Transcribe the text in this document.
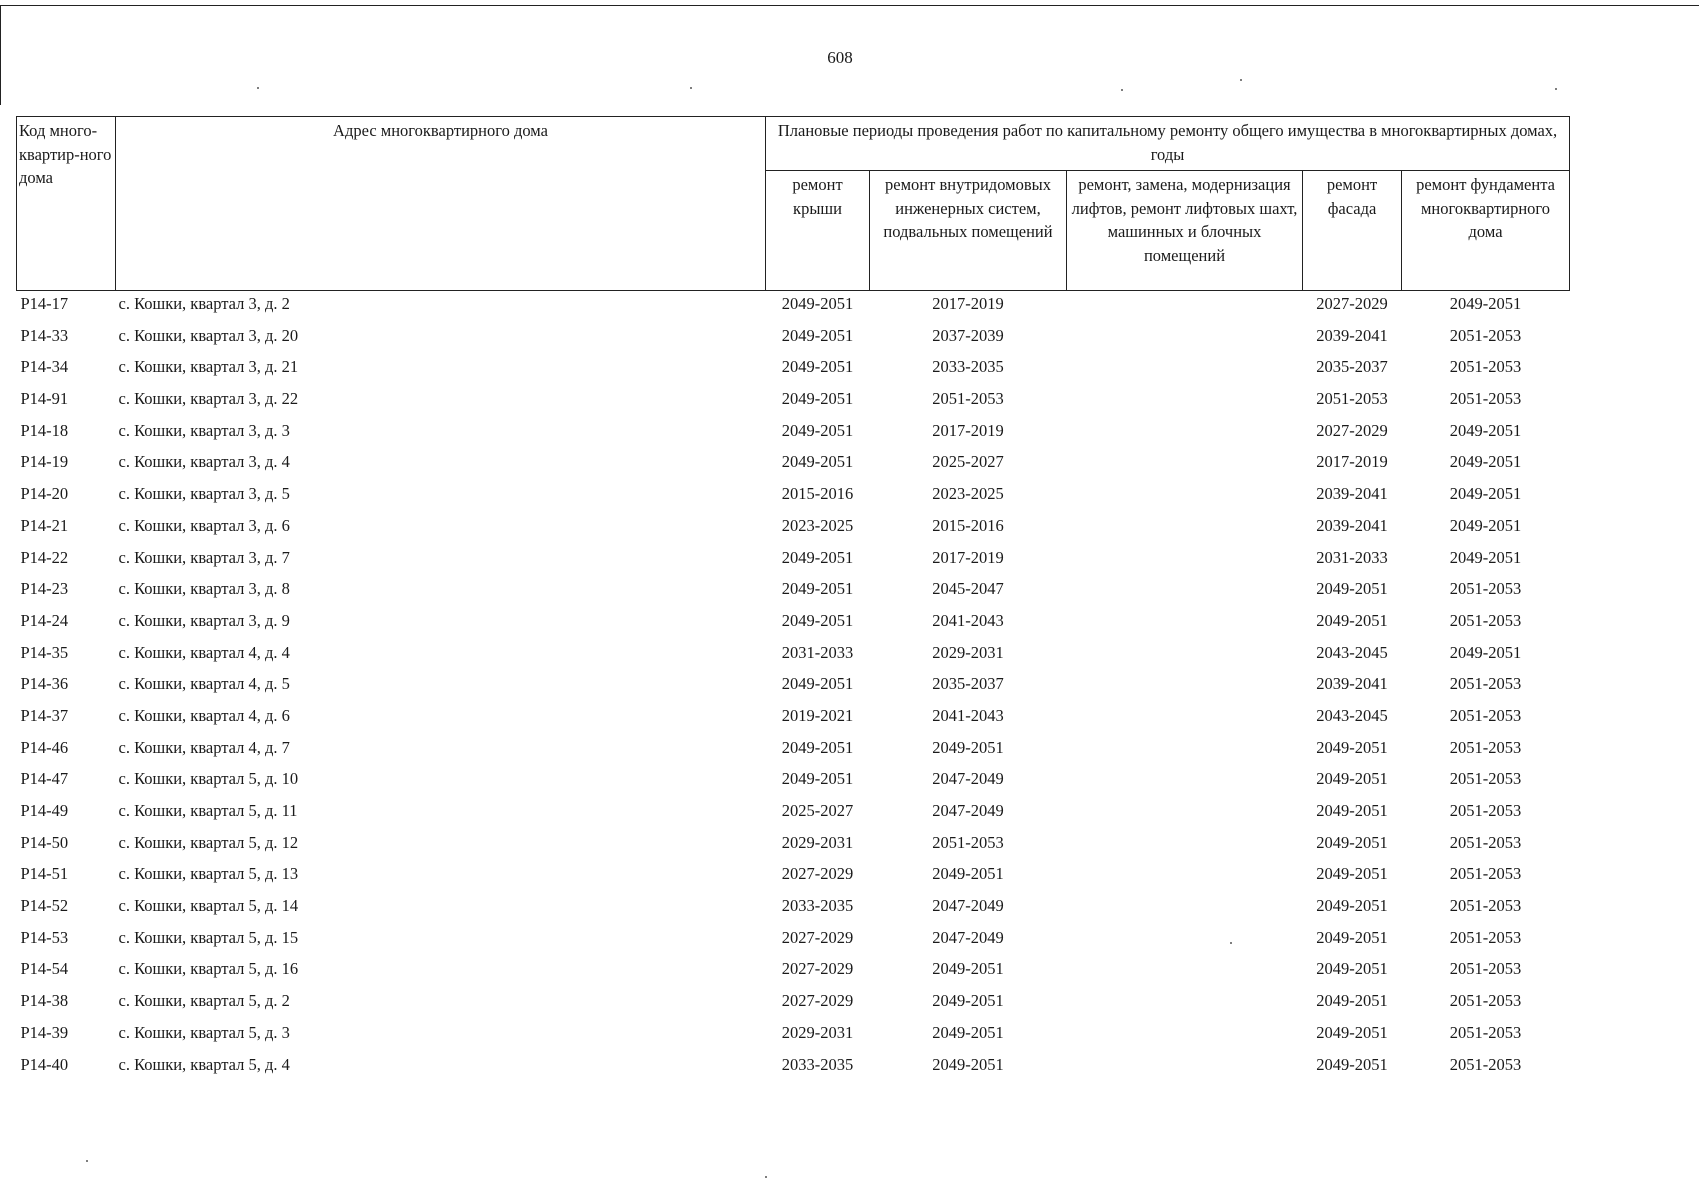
608
Код много-квартир-ного дома	Адрес многоквартирного дома	Плановые периоды проведения работ по капитальному ремонту общего имущества в многоквартирных домах, годы				
		ремонт крыши	ремонт внутридомовых инженерных систем, подвальных помещений	ремонт, замена, модернизация лифтов, ремонт лифтовых шахт, машинных и блочных помещений	ремонт фасада	ремонт фундамента многоквартирного дома
P14-17	с. Кошки, квартал 3, д. 2	2049-2051	2017-2019		2027-2029	2049-2051
P14-33	с. Кошки, квартал 3, д. 20	2049-2051	2037-2039		2039-2041	2051-2053
P14-34	с. Кошки, квартал 3, д. 21	2049-2051	2033-2035		2035-2037	2051-2053
P14-91	с. Кошки, квартал 3, д. 22	2049-2051	2051-2053		2051-2053	2051-2053
P14-18	с. Кошки, квартал 3, д. 3	2049-2051	2017-2019		2027-2029	2049-2051
P14-19	с. Кошки, квартал 3, д. 4	2049-2051	2025-2027		2017-2019	2049-2051
P14-20	с. Кошки, квартал 3, д. 5	2015-2016	2023-2025		2039-2041	2049-2051
P14-21	с. Кошки, квартал 3, д. 6	2023-2025	2015-2016		2039-2041	2049-2051
P14-22	с. Кошки, квартал 3, д. 7	2049-2051	2017-2019		2031-2033	2049-2051
P14-23	с. Кошки, квартал 3, д. 8	2049-2051	2045-2047		2049-2051	2051-2053
P14-24	с. Кошки, квартал 3, д. 9	2049-2051	2041-2043		2049-2051	2051-2053
P14-35	с. Кошки, квартал 4, д. 4	2031-2033	2029-2031		2043-2045	2049-2051
P14-36	с. Кошки, квартал 4, д. 5	2049-2051	2035-2037		2039-2041	2051-2053
P14-37	с. Кошки, квартал 4, д. 6	2019-2021	2041-2043		2043-2045	2051-2053
P14-46	с. Кошки, квартал 4, д. 7	2049-2051	2049-2051		2049-2051	2051-2053
P14-47	с. Кошки, квартал 5, д. 10	2049-2051	2047-2049		2049-2051	2051-2053
P14-49	с. Кошки, квартал 5, д. 11	2025-2027	2047-2049		2049-2051	2051-2053
P14-50	с. Кошки, квартал 5, д. 12	2029-2031	2051-2053		2049-2051	2051-2053
P14-51	с. Кошки, квартал 5, д. 13	2027-2029	2049-2051		2049-2051	2051-2053
P14-52	с. Кошки, квартал 5, д. 14	2033-2035	2047-2049		2049-2051	2051-2053
P14-53	с. Кошки, квартал 5, д. 15	2027-2029	2047-2049		2049-2051	2051-2053
P14-54	с. Кошки, квартал 5, д. 16	2027-2029	2049-2051		2049-2051	2051-2053
P14-38	с. Кошки, квартал 5, д. 2	2027-2029	2049-2051		2049-2051	2051-2053
P14-39	с. Кошки, квартал 5, д. 3	2029-2031	2049-2051		2049-2051	2051-2053
P14-40	с. Кошки, квартал 5, д. 4	2033-2035	2049-2051		2049-2051	2051-2053
